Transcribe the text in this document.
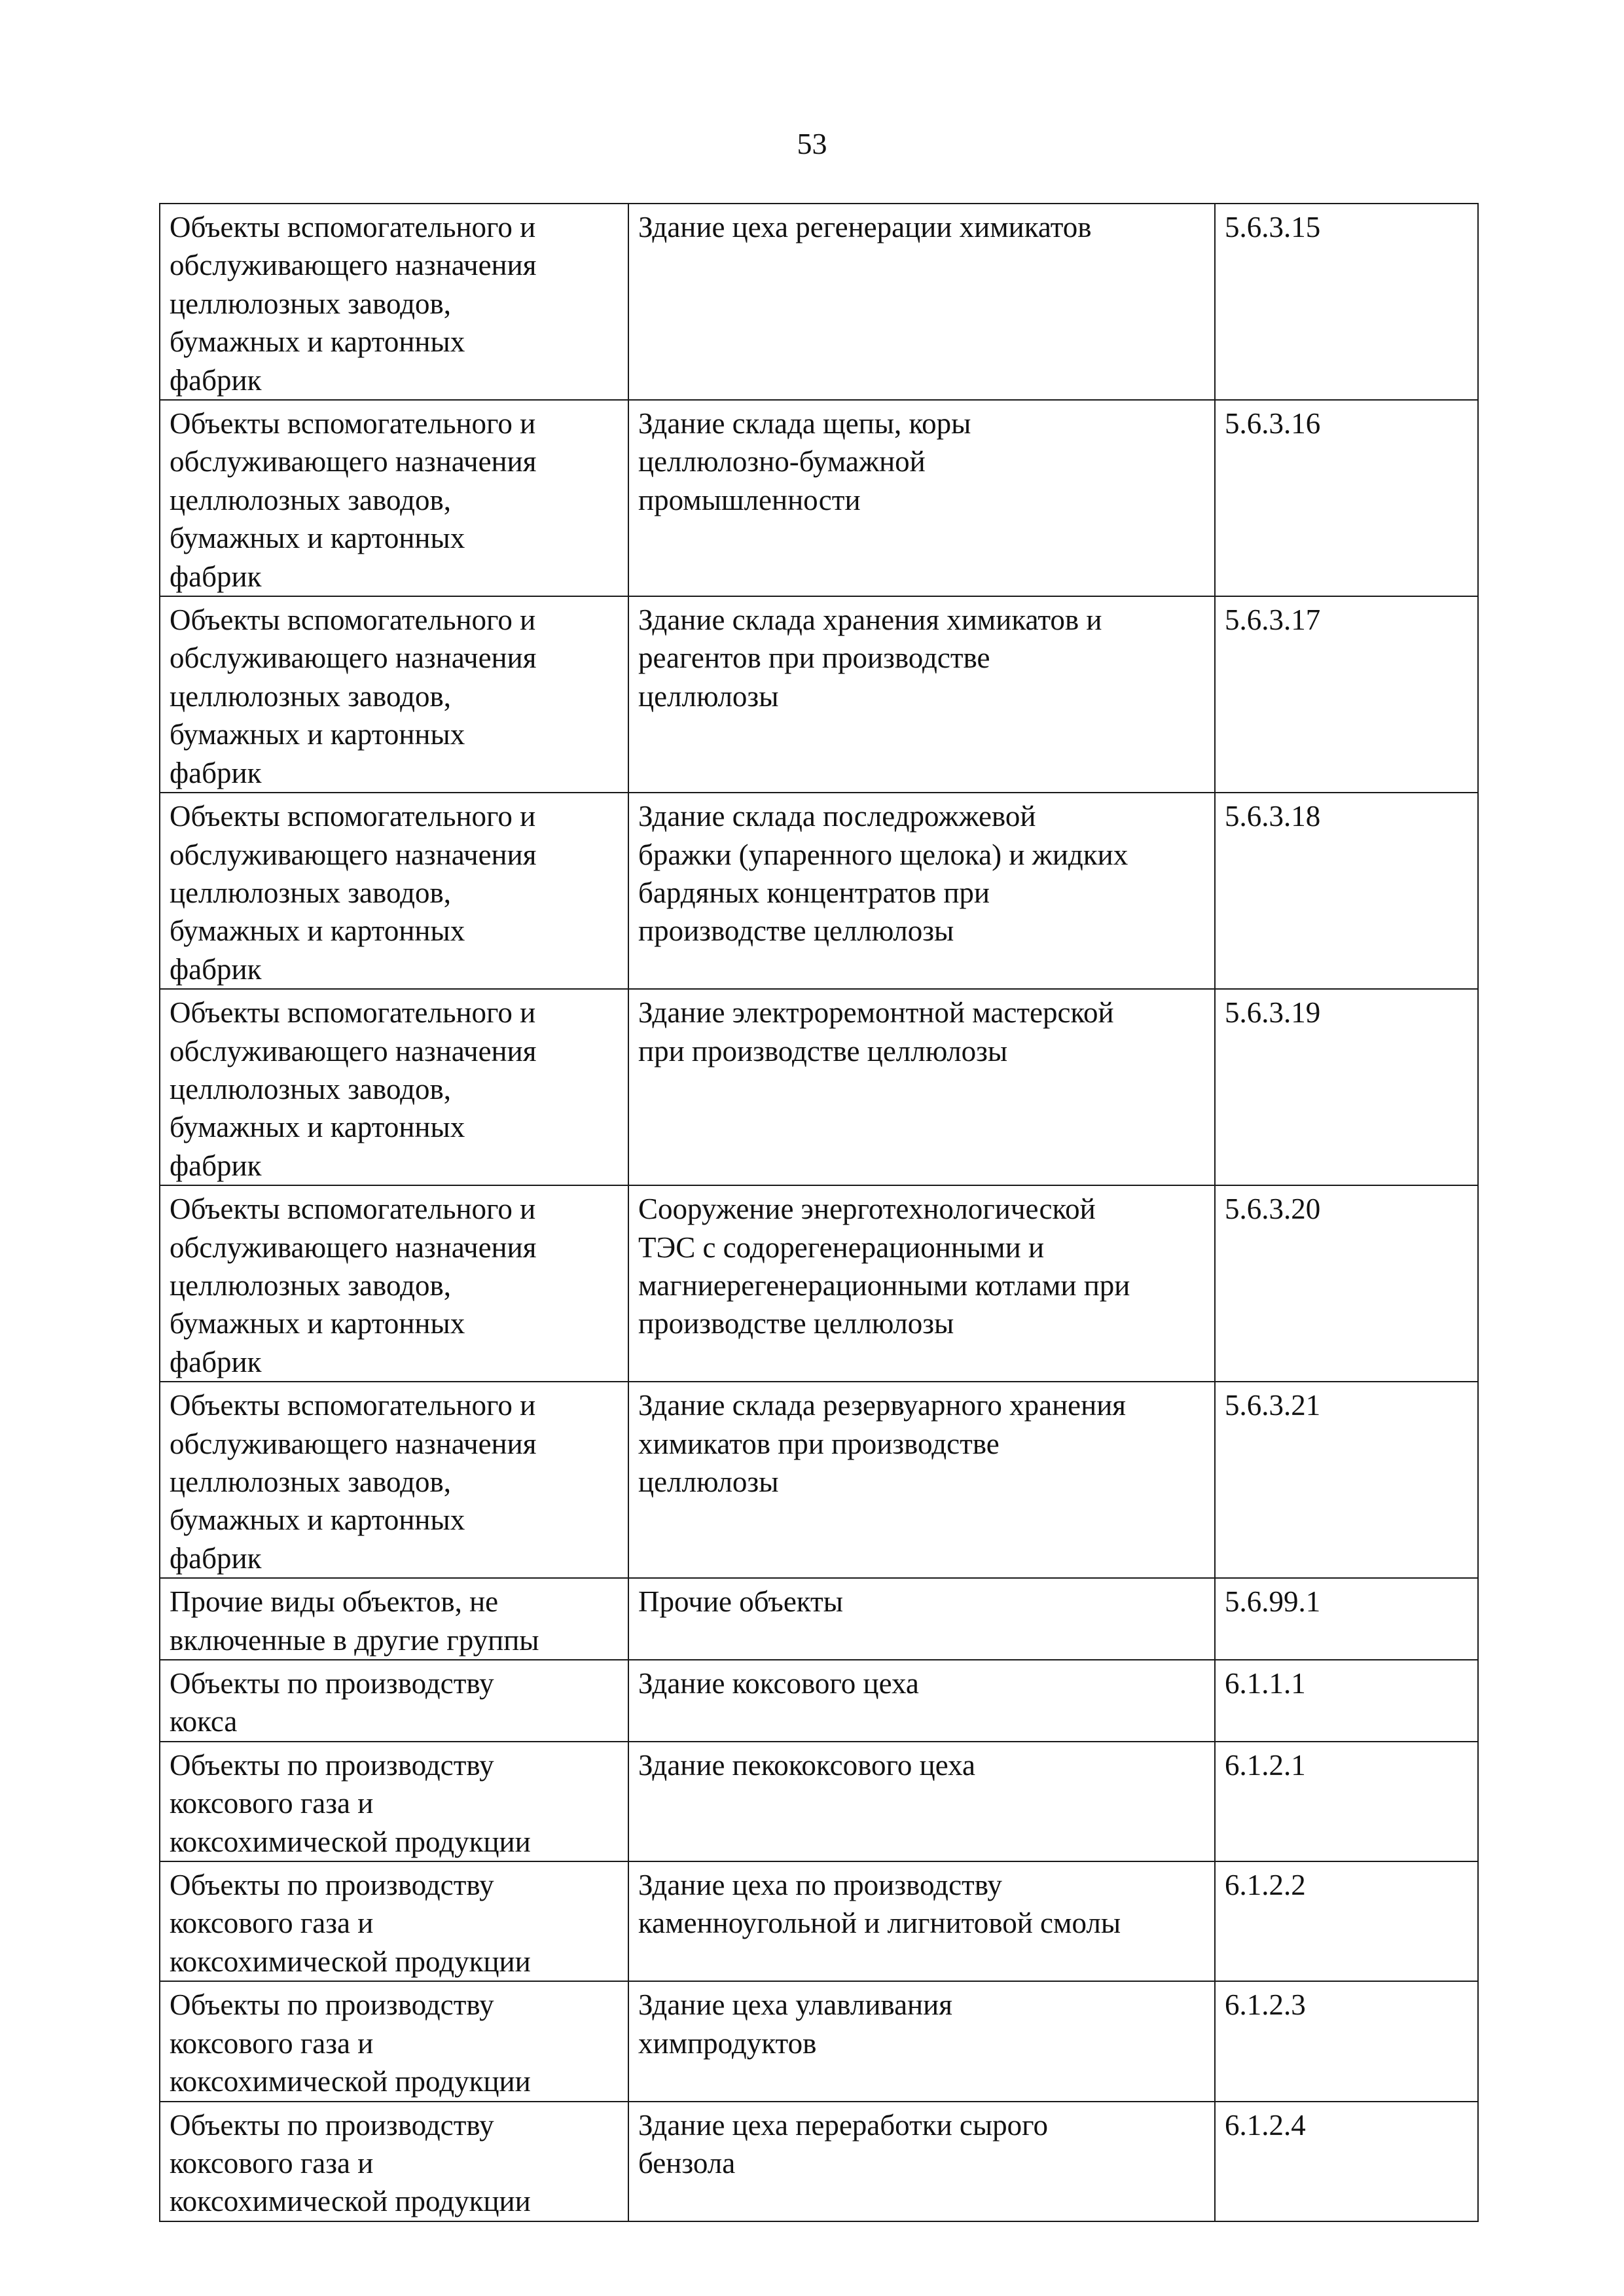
53
Объекты вспомогательного и
обслуживающего назначения
целлюлозных заводов,
бумажных и картонных
фабрик	Здание цеха регенерации химикатов	5.6.3.15
Объекты вспомогательного и
обслуживающего назначения
целлюлозных заводов,
бумажных и картонных
фабрик	Здание склада щепы, коры
целлюлозно-бумажной
промышленности	5.6.3.16
Объекты вспомогательного и
обслуживающего назначения
целлюлозных заводов,
бумажных и картонных
фабрик	Здание склада хранения химикатов и
реагентов при производстве
целлюлозы	5.6.3.17
Объекты вспомогательного и
обслуживающего назначения
целлюлозных заводов,
бумажных и картонных
фабрик	Здание склада последрожжевой
бражки (упаренного щелока) и жидких
бардяных концентратов при
производстве целлюлозы	5.6.3.18
Объекты вспомогательного и
обслуживающего назначения
целлюлозных заводов,
бумажных и картонных
фабрик	Здание электроремонтной мастерской
при производстве целлюлозы	5.6.3.19
Объекты вспомогательного и
обслуживающего назначения
целлюлозных заводов,
бумажных и картонных
фабрик	Сооружение энерготехнологической
ТЭС с содорегенерационными и
магниерегенерационными котлами при
производстве целлюлозы	5.6.3.20
Объекты вспомогательного и
обслуживающего назначения
целлюлозных заводов,
бумажных и картонных
фабрик	Здание склада резервуарного хранения
химикатов при производстве
целлюлозы	5.6.3.21
Прочие виды объектов, не
включенные в другие группы	Прочие объекты	5.6.99.1
Объекты по производству
кокса	Здание коксового цеха	6.1.1.1
Объекты по производству
коксового газа и
коксохимической продукции	Здание пекококсового цеха	6.1.2.1
Объекты по производству
коксового газа и
коксохимической продукции	Здание цеха по производству
каменноугольной и лигнитовой смолы	6.1.2.2
Объекты по производству
коксового газа и
коксохимической продукции	Здание цеха улавливания
химпродуктов	6.1.2.3
Объекты по производству
коксового газа и
коксохимической продукции	Здание цеха переработки сырого
бензола	6.1.2.4
